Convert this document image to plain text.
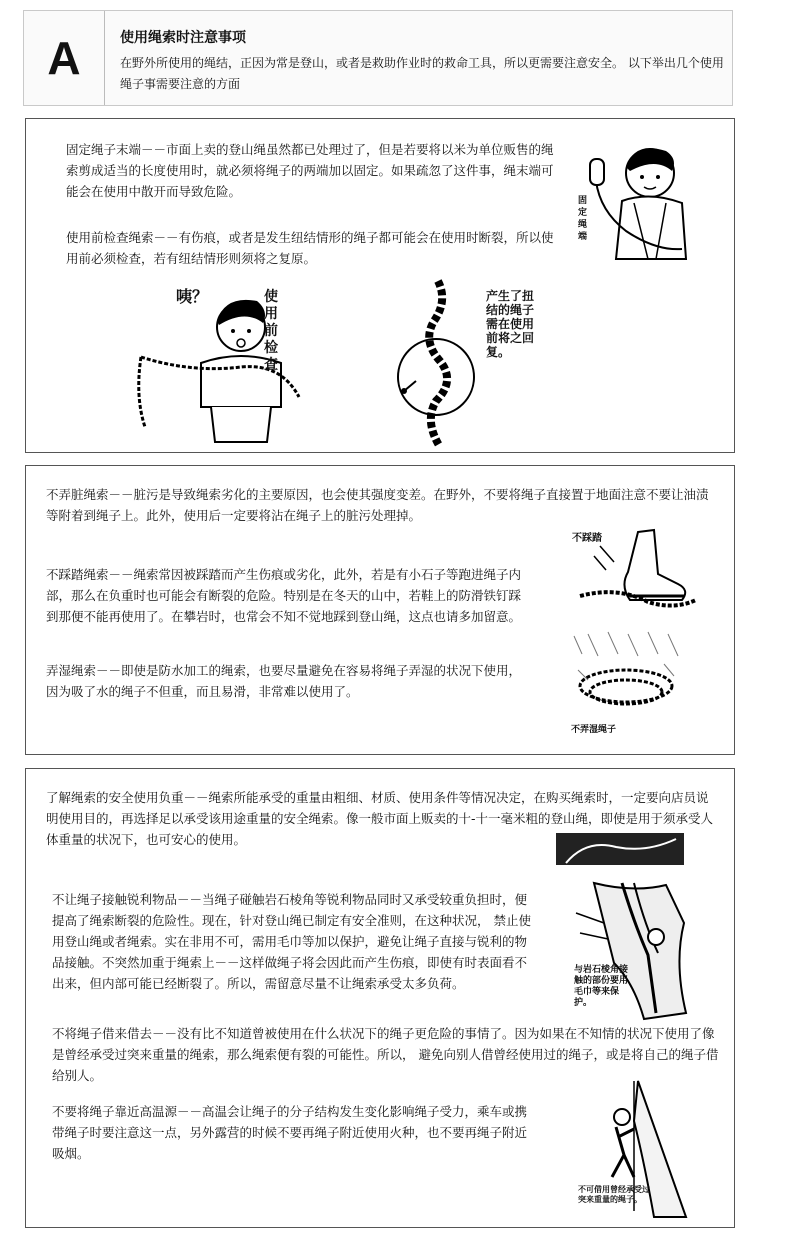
A	使用绳索时注意事项
在野外所使用的绳结，正因为常是登山，或者是救助作业时的救命工具，所以更需要注意安全。 以下举出几个使用绳子事需要注意的方面
固定绳子末端－－市面上卖的登山绳虽然都已处理过了，但是若要将以米为单位贩售的绳索剪成适当的长度使用时，就必须将绳子的两端加以固定。如果疏忽了这件事，绳末端可能会在使用中散开而导致危险。
使用前检查绳索－－有伤痕，或者是发生纽结情形的绳子都可能会在使用时断裂，所以使用前必须检查，若有纽结情形则须将之复原。
固定绳端
咦？	使用前检查
产生了扭结的绳子需在使用前将之回复。
不弄脏绳索－－脏污是导致绳索劣化的主要原因，也会使其强度变差。在野外，不要将绳子直接置于地面注意不要让油渍等附着到绳子上。此外，使用后一定要将沾在绳子上的脏污处理掉。
不踩踏绳索－－绳索常因被踩踏而产生伤痕或劣化，此外，若是有小石子等跑进绳子内部，那么在负重时也可能会有断裂的危险。特别是在冬天的山中，若鞋上的防滑铁钉踩到那便不能再使用了。在攀岩时，也常会不知不觉地踩到登山绳，这点也请多加留意。
弄湿绳索－－即使是防水加工的绳索，也要尽量避免在容易将绳子弄湿的状况下使用，因为吸了水的绳子不但重，而且易滑，非常难以使用了。
不踩踏
不弄湿绳子
了解绳索的安全使用负重－－绳索所能承受的重量由粗细、材质、使用条件等情况决定，在购买绳索时，一定要向店员说明使用目的，再选择足以承受该用途重量的安全绳索。像一般市面上贩卖的十-十一毫米粗的登山绳，即使是用于须承受人体重量的状况下，也可安心的使用。
不让绳子接触锐利物品－－当绳子碰触岩石棱角等锐利物品同时又承受较重负担时，便提高了绳索断裂的危险性。现在，针对登山绳已制定有安全准则，在这种状况， 禁止使用登山绳或者绳索。实在非用不可，需用毛巾等加以保护，避免让绳子直接与锐利的物品接触。不突然加重于绳索上－－这样做绳子将会因此而产生伤痕，即使有时表面看不出来，但内部可能已经断裂了。所以，需留意尽量不让绳索承受太多负荷。
不将绳子借来借去－－没有比不知道曾被使用在什么状况下的绳子更危险的事情了。因为如果在不知情的状况下使用了像是曾经承受过突来重量的绳索，那么绳索便有裂的可能性。所以， 避免向别人借曾经使用过的绳子，或是将自己的绳子借给别人。
不要将绳子靠近高温源－－高温会让绳子的分子结构发生变化影响绳子受力，乘车或携带绳子时要注意这一点，另外露营的时候不要再绳子附近使用火种，也不要再绳子附近吸烟。
与岩石棱角接触的部份要用毛巾等来保护。
不可借用曾经承受过突来重量的绳子。
